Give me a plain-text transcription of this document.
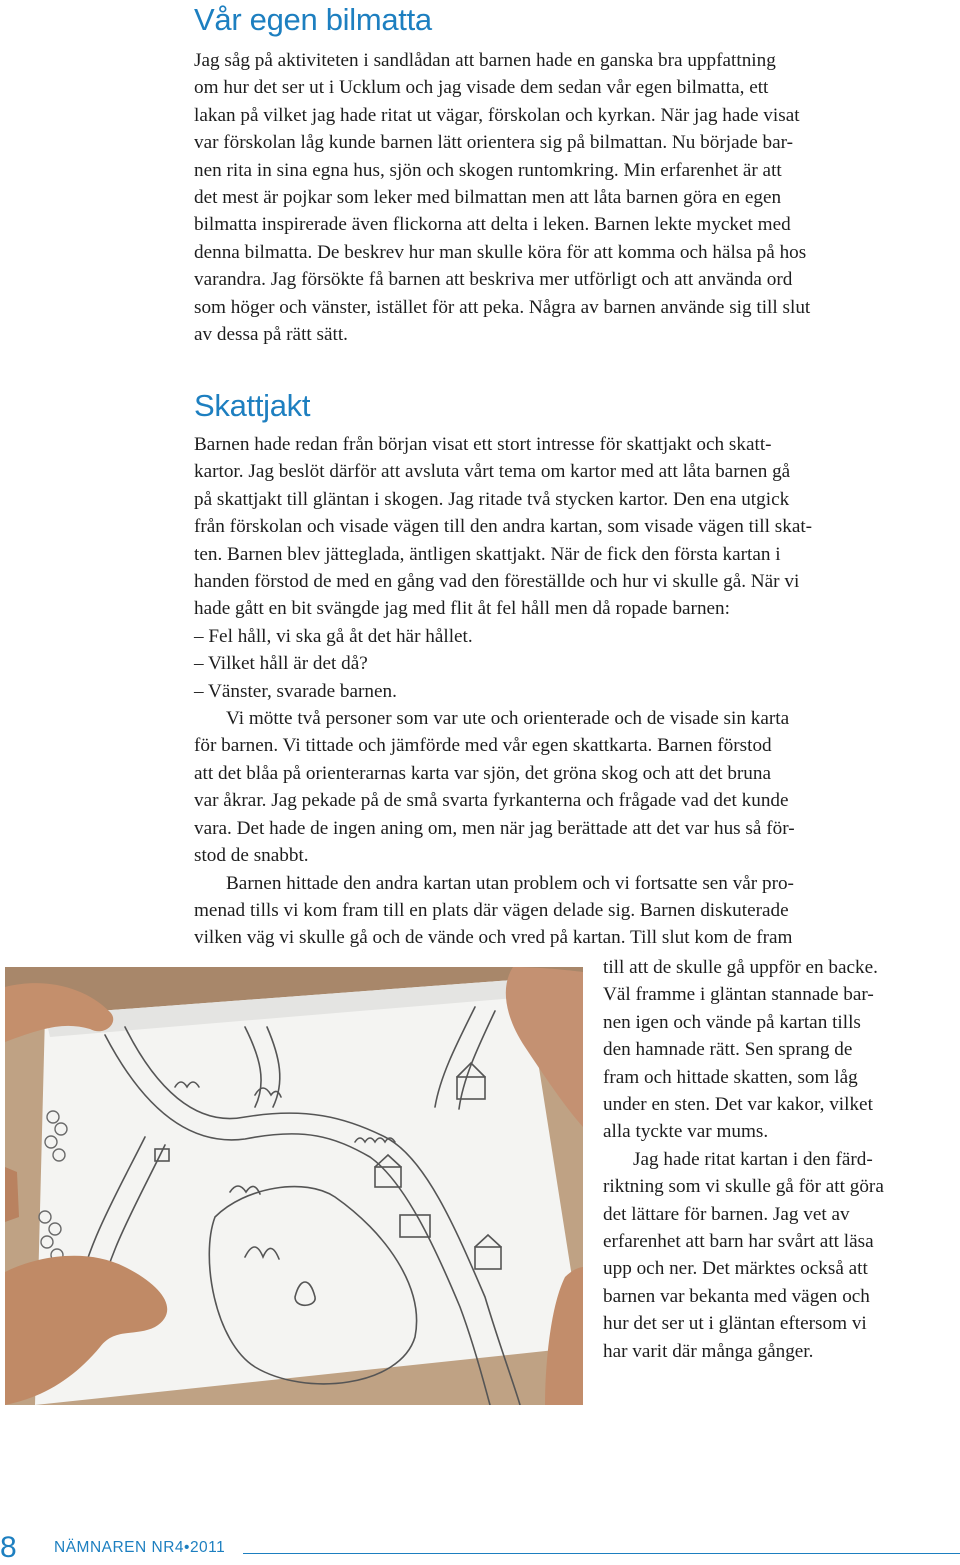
Vår egen bilmatta

Jag såg på aktiviteten i sandlådan att barnen hade en ganska bra uppfattning
om hur det ser ut i Ucklum och jag visade dem sedan vår egen bilmatta, ett
lakan på vilket jag hade ritat ut vägar, förskolan och kyrkan. När jag hade visat
var förskolan låg kunde barnen lätt orientera sig på bilmattan. Nu började bar-
nen rita in sina egna hus, sjön och skogen runtomkring. Min erfarenhet är att
det mest är pojkar som leker med bilmattan men att låta barnen göra en egen
bilmatta inspirerade även flickorna att delta i leken. Barnen lekte mycket med
denna bilmatta. De beskrev hur man skulle köra för att komma och hälsa på hos
varandra. Jag försökte få barnen att beskriva mer utförligt och att använda ord
som höger och vänster, istället för att peka. Några av barnen använde sig till slut
av dessa på rätt sätt.

Skattjakt

Barnen hade redan från början visat ett stort intresse för skattjakt och skatt-
kartor. Jag beslöt därför att avsluta vårt tema om kartor med att låta barnen gå
på skattjakt till gläntan i skogen. Jag ritade två stycken kartor. Den ena utgick
från förskolan och visade vägen till den andra kartan, som visade vägen till skat-
ten. Barnen blev jätteglada, äntligen skattjakt. När de fick den första kartan i
handen förstod de med en gång vad den föreställde och hur vi skulle gå. När vi
hade gått en bit svängde jag med flit åt fel håll men då ropade barnen:
– Fel håll, vi ska gå åt det här hållet.
– Vilket håll är det då?
– Vänster, svarade barnen.
Vi mötte två personer som var ute och orienterade och de visade sin karta
för barnen. Vi tittade och jämförde med vår egen skattkarta. Barnen förstod
att det blåa på orienterarnas karta var sjön, det gröna skog och att det bruna
var åkrar. Jag pekade på de små svarta fyrkanterna och frågade vad det kunde
vara. Det hade de ingen aning om, men när jag berättade att det var hus så för-
stod de snabbt.
Barnen hittade den andra kartan utan problem och vi fortsatte sen vår pro-
menad tills vi kom fram till en plats där vägen delade sig. Barnen diskuterade
vilken väg vi skulle gå och de vände och vred på kartan. Till slut kom de fram

till att de skulle gå uppför en backe.
Väl framme i gläntan stannade bar-
nen igen och vände på kartan tills
den hamnade rätt. Sen sprang de
fram och hittade skatten, som låg
under en sten. Det var kakor, vilket
alla tyckte var mums.
Jag hade ritat kartan i den färd-
riktning som vi skulle gå för att göra
det lättare för barnen. Jag vet av
erfarenhet att barn har svårt att läsa
upp och ner. Det märktes också att
barnen var bekanta med vägen och
hur det ser ut i gläntan eftersom vi
har varit där många gånger.

8 NÄMNAREN NR4•2011
